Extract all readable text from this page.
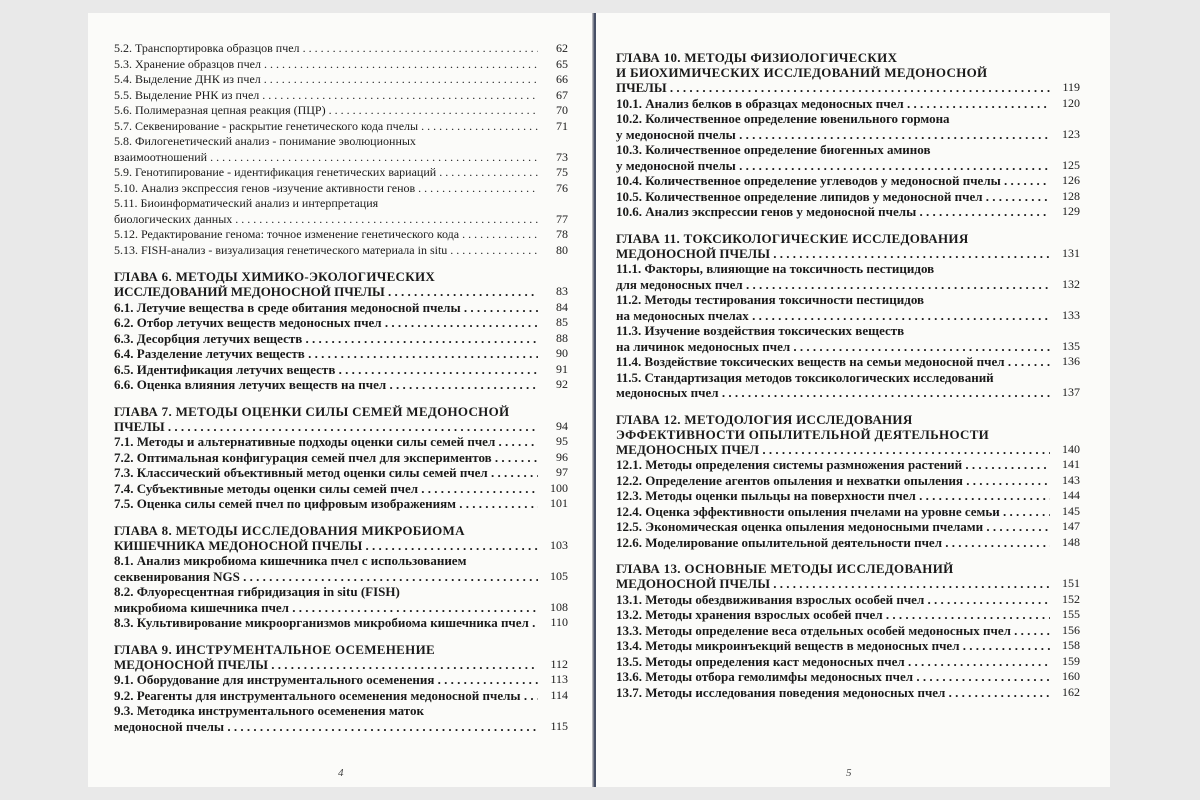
5.2. Транспортировка образцов пчел . . .	62
5.3. Хранение образцов пчел . . .	65
5.4. Выделение ДНК из пчел . . .	66
5.5. Выделение РНК из пчел . . .	67
5.6. Полимеразная цепная реакция (ПЦР) . . .	70
5.7. Секвенирование - раскрытие генетического кода пчелы . . .	71
5.8. Филогенетический анализ - понимание эволюционных
взаимоотношений . . .	73
5.9. Генотипирование - идентификация генетических вариаций . . .	75
5.10. Анализ экспрессия генов -изучение активности генов . . .	76
5.11. Биоинформатический анализ и интерпретация
биологических данных . . .	77
5.12. Редактирование генома: точное изменение генетического кода . . .	78
5.13. FISH-анализ - визуализация генетического материала in situ . . .	80
ГЛАВА 6. МЕТОДЫ ХИМИКО-ЭКОЛОГИЧЕСКИХ
ИССЛЕДОВАНИЙ МЕДОНОСНОЙ ПЧЕЛЫ . . .	83
6.1. Летучие вещества в среде обитания медоносной пчелы . . .	84
6.2. Отбор летучих веществ медоносных пчел . . .	85
6.3. Десорбция летучих веществ . . .	88
6.4. Разделение летучих веществ . . .	90
6.5. Идентификация летучих веществ . . .	91
6.6. Оценка влияния летучих веществ на пчел . . .	92
ГЛАВА 7. МЕТОДЫ ОЦЕНКИ СИЛЫ СЕМЕЙ МЕДОНОСНОЙ
ПЧЕЛЫ . . .	94
7.1. Методы и альтернативные подходы оценки силы семей пчел . . .	95
7.2. Оптимальная конфигурация семей пчел для экспериментов . . .	96
7.3. Классический объективный метод оценки силы семей пчел . . .	97
7.4. Субъективные методы оценки силы семей пчел . . .	100
7.5. Оценка силы семей пчел по цифровым изображениям . . .	101
ГЛАВА 8. МЕТОДЫ ИССЛЕДОВАНИЯ МИКРОБИОМА
КИШЕЧНИКА МЕДОНОСНОЙ ПЧЕЛЫ . . .	103
8.1. Анализ микробиома кишечника пчел с использованием
секвенирования NGS . . .	105
8.2. Флуоресцентная гибридизация in situ (FISH)
микробиома кишечника пчел . . .	108
8.3. Культивирование микроорганизмов микробиома кишечника пчел . . .	110
ГЛАВА 9. ИНСТРУМЕНТАЛЬНОЕ ОСЕМЕНЕНИЕ
МЕДОНОСНОЙ ПЧЕЛЫ . . .	112
9.1. Оборудование для инструментального осеменения . . .	113
9.2. Реагенты для инструментального осеменения медоносной пчелы . . .	114
9.3. Методика инструментального осеменения маток
медоносной пчелы . . .	115
4
ГЛАВА 10. МЕТОДЫ ФИЗИОЛОГИЧЕСКИХ
И БИОХИМИЧЕСКИХ ИССЛЕДОВАНИЙ МЕДОНОСНОЙ
ПЧЕЛЫ . . .	119
10.1. Анализ белков в образцах медоносных пчел . . .	120
10.2. Количественное определение ювенильного гормона
у медоносной пчелы . . .	123
10.3. Количественное определение биогенных аминов
у медоносной пчелы . . .	125
10.4. Количественное определение углеводов у медоносной пчелы . . .	126
10.5. Количественное определение липидов у медоносной пчел . . .	128
10.6. Анализ экспрессии генов у медоносной пчелы . . .	129
ГЛАВА 11. ТОКСИКОЛОГИЧЕСКИЕ ИССЛЕДОВАНИЯ
МЕДОНОСНОЙ ПЧЕЛЫ . . .	131
11.1. Факторы, влияющие на токсичность пестицидов
для медоносных пчел . . .	132
11.2. Методы тестирования токсичности пестицидов
на медоносных пчелах . . .	133
11.3. Изучение воздействия токсических веществ
на личинок медоносных пчел . . .	135
11.4. Воздействие токсических веществ на семьи медоносной пчел . . .	136
11.5. Стандартизация методов токсикологических исследований
медоносных пчел . . .	137
ГЛАВА 12. МЕТОДОЛОГИЯ ИССЛЕДОВАНИЯ
ЭФФЕКТИВНОСТИ ОПЫЛИТЕЛЬНОЙ ДЕЯТЕЛЬНОСТИ
МЕДОНОСНЫХ ПЧЕЛ . . .	140
12.1. Методы определения системы размножения растений . . .	141
12.2. Определение агентов опыления и нехватки опыления . . .	143
12.3. Методы оценки пыльцы на поверхности пчел . . .	144
12.4. Оценка эффективности опыления пчелами на уровне семьи . . .	145
12.5. Экономическая оценка опыления медоносными пчелами . . .	147
12.6. Моделирование опылительной деятельности пчел . . .	148
ГЛАВА 13. ОСНОВНЫЕ МЕТОДЫ ИССЛЕДОВАНИЙ
МЕДОНОСНОЙ ПЧЕЛЫ . . .	151
13.1. Методы обездвиживания взрослых особей пчел . . .	152
13.2. Методы хранения взрослых особей пчел . . .	155
13.3. Методы определение веса отдельных особей медоносных пчел . . .	156
13.4. Методы микроинъекций веществ в медоносных пчел . . .	158
13.5. Методы определения каст медоносных пчел . . .	159
13.6. Методы отбора гемолимфы медоносных пчел . . .	160
13.7. Методы исследования поведения медоносных пчел . . .	162
5
